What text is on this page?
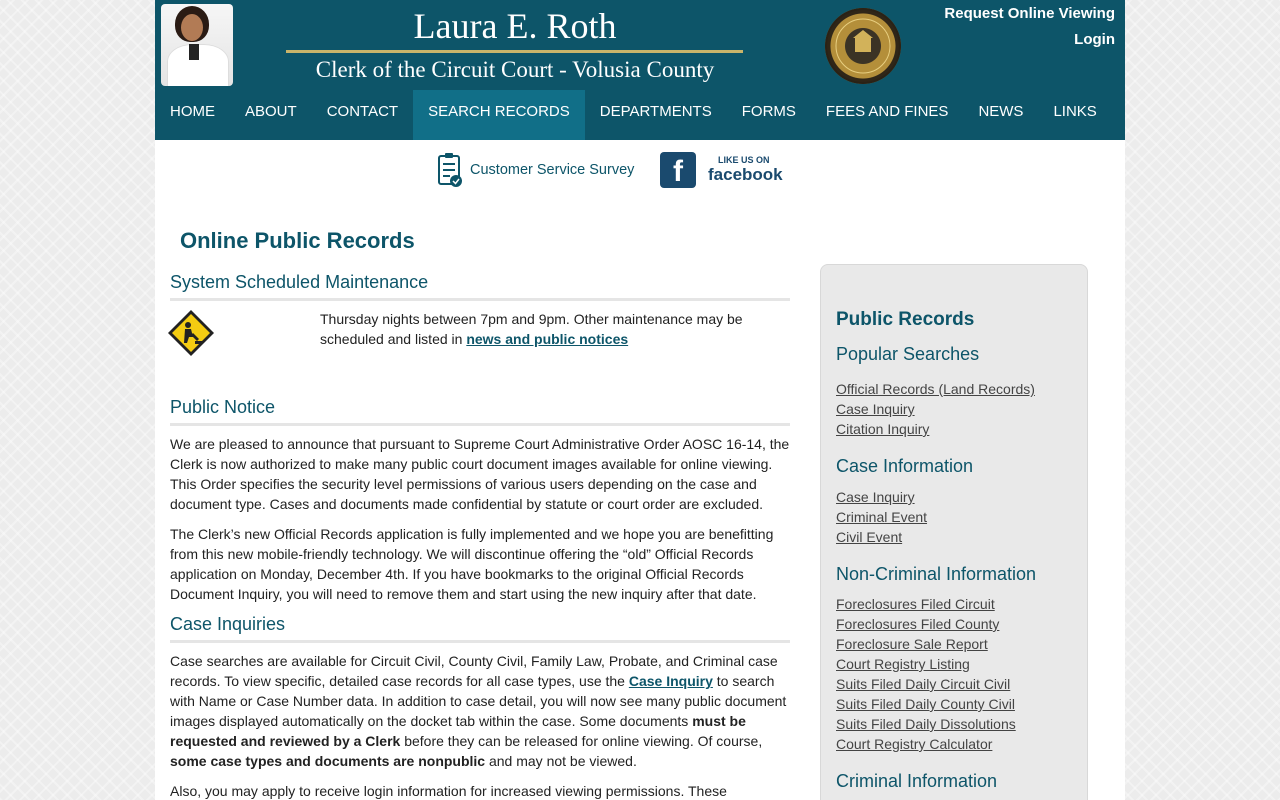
Laura E. Roth
Clerk of the Circuit Court - Volusia County
Request Online Viewing
Login
HOME	ABOUT	CONTACT	SEARCH RECORDS	DEPARTMENTS	FORMS	FEES AND FINES	NEWS	LINKS
Customer Service Survey	f	LIKE US ON
facebook
Online Public Records
System Scheduled Maintenance

Thursday nights between 7pm and 9pm. Other maintenance may be scheduled and listed in news and public notices

Public Notice

We are pleased to announce that pursuant to Supreme Court Administrative Order AOSC 16-14, the Clerk is now authorized to make many public court document images available for online viewing. This Order specifies the security level permissions of various users depending on the case and document type. Cases and documents made confidential by statute or court order are excluded.

The Clerk’s new Official Records application is fully implemented and we hope you are benefitting from this new mobile-friendly technology. We will discontinue offering the “old” Official Records application on Monday, December 4th. If you have bookmarks to the original Official Records Document Inquiry, you will need to remove them and start using the new inquiry after that date.

Case Inquiries

Case searches are available for Circuit Civil, County Civil, Family Law, Probate, and Criminal case records. To view specific, detailed case records for all case types, use the Case Inquiry to search with Name or Case Number data. In addition to case detail, you will now see many public document images displayed automatically on the docket tab within the case. Some documents must be requested and reviewed by a Clerk before they can be released for online viewing. Of course, some case types and documents are nonpublic and may not be viewed.

Also, you may apply to receive login information for increased viewing permissions. These

Public Records
Popular Searches
Official Records (Land Records)
Case Inquiry
Citation Inquiry
Case Information
Case Inquiry
Criminal Event
Civil Event
Non-Criminal Information
Foreclosures Filed Circuit
Foreclosures Filed County
Foreclosure Sale Report
Court Registry Listing
Suits Filed Daily Circuit Civil
Suits Filed Daily County Civil
Suits Filed Daily Dissolutions
Court Registry Calculator
Criminal Information
